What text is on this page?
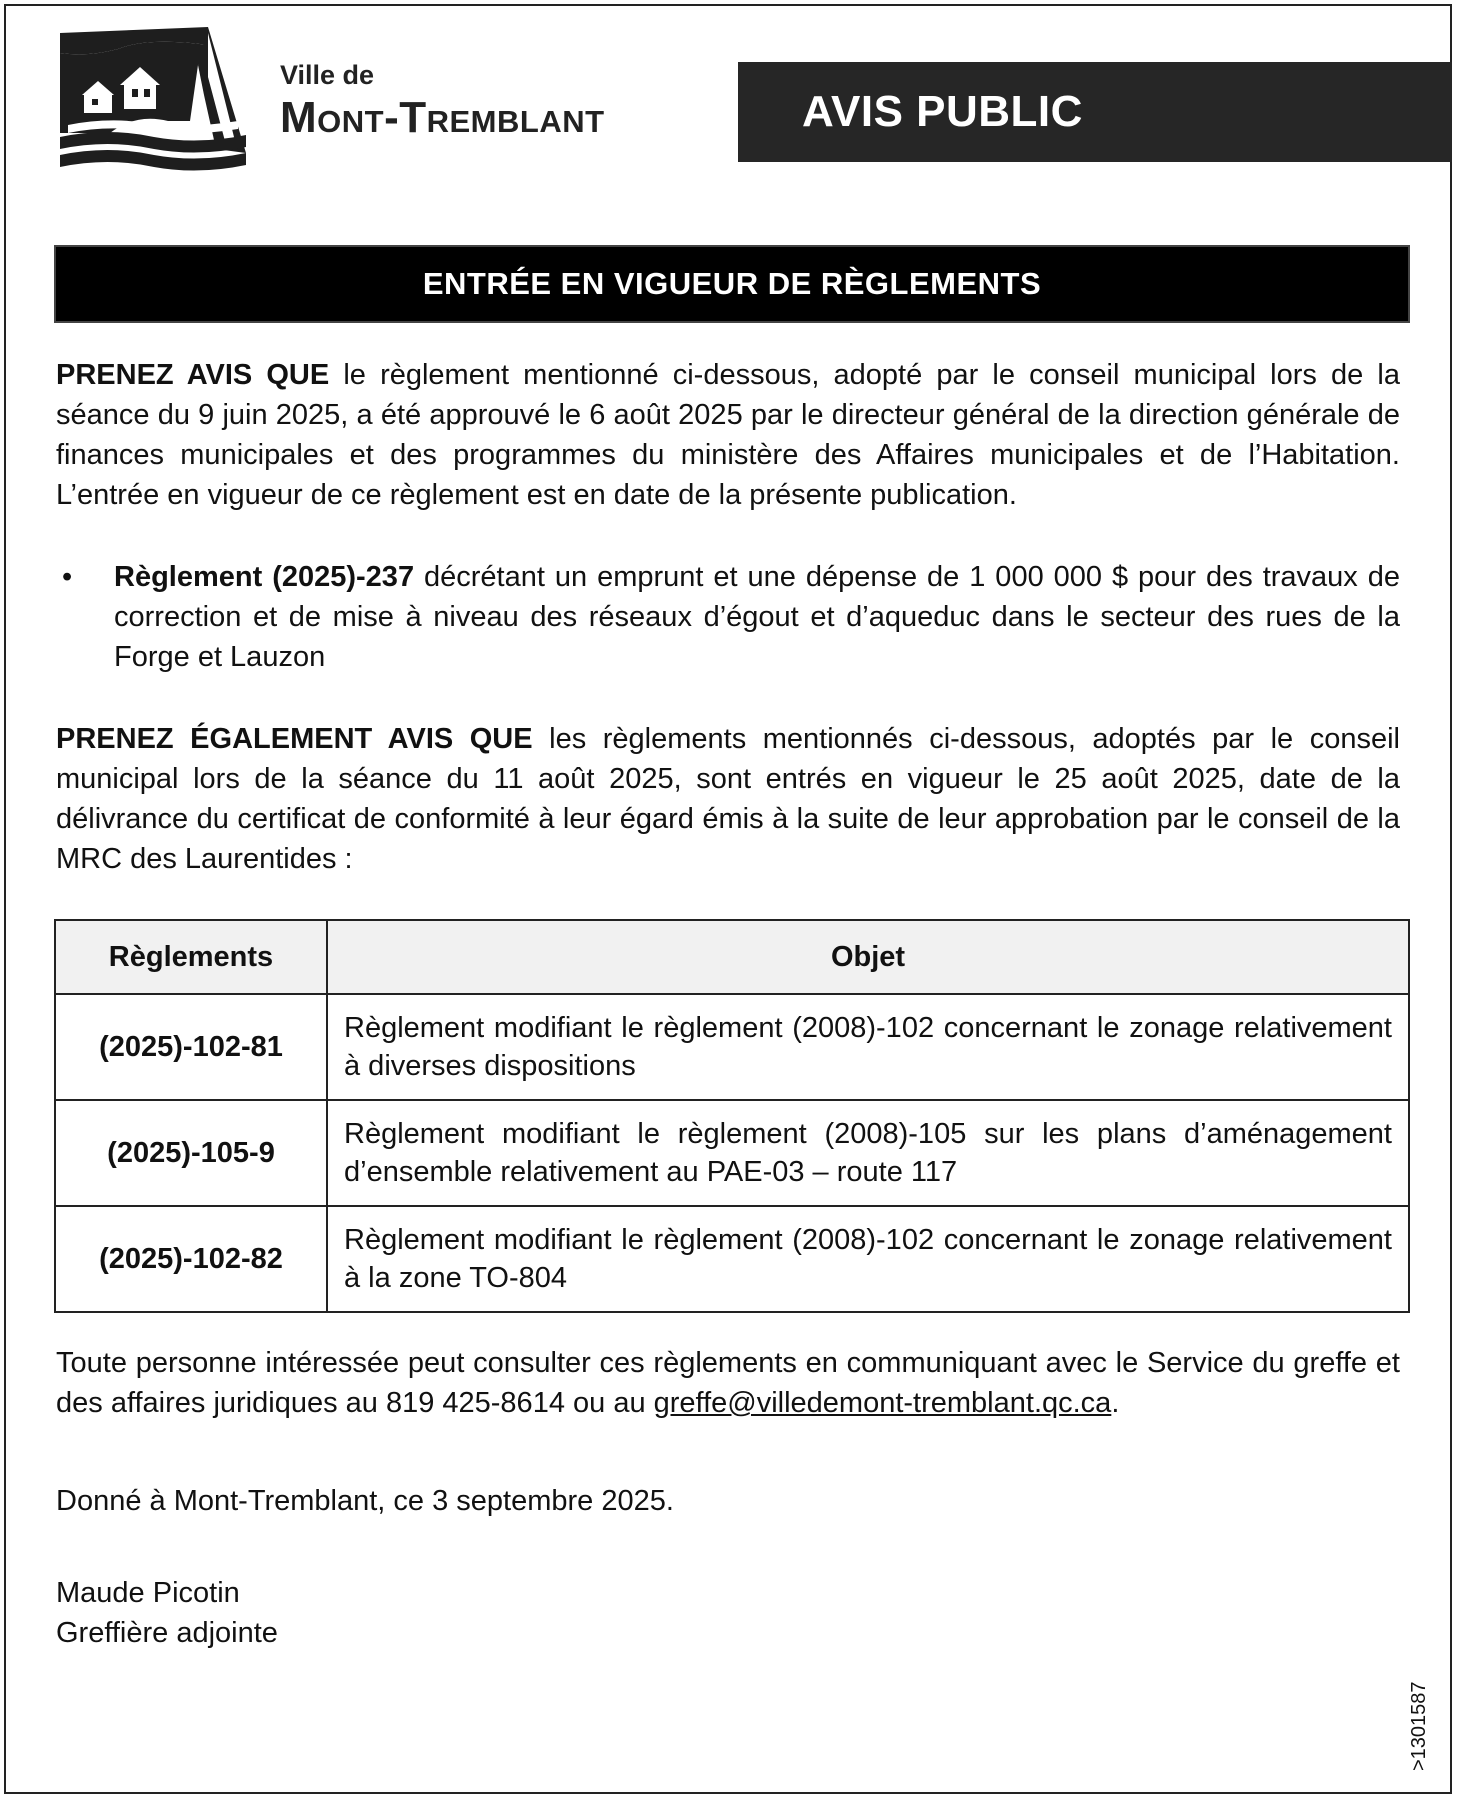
Ville de
Mont-Tremblant	AVIS PUBLIC
ENTRÉE EN VIGUEUR DE RÈGLEMENTS

PRENEZ AVIS QUE le règlement mentionné ci-dessous, adopté par le conseil municipal lors de la séance du 9 juin 2025, a été approuvé le 6 août 2025 par le directeur général de la direction générale de finances municipales et des programmes du ministère des Affaires municipales et de l’Habitation. L’entrée en vigueur de ce règlement est en date de la présente publication.

•	Règlement (2025)-237 décrétant un emprunt et une dépense de 1 000 000 $ pour des travaux de correction et de mise à niveau des réseaux d’égout et d’aqueduc dans le secteur des rues de la Forge et Lauzon

PRENEZ ÉGALEMENT AVIS QUE les règlements mentionnés ci-dessous, adoptés par le conseil municipal lors de la séance du 11 août 2025, sont entrés en vigueur le 25 août 2025, date de la délivrance du certificat de conformité à leur égard émis à la suite de leur approbation par le conseil de la MRC des Laurentides :

Règlements	Objet
(2025)-102-81	Règlement modifiant le règlement (2008)-102 concernant le zonage relativement à diverses dispositions
(2025)-105-9	Règlement modifiant le règlement (2008)-105 sur les plans d’aménagement d’ensemble relativement au PAE-03 – route 117
(2025)-102-82	Règlement modifiant le règlement (2008)-102 concernant le zonage relativement à la zone TO-804

Toute personne intéressée peut consulter ces règlements en communiquant avec le Service du greffe et des affaires juridiques au 819 425-8614 ou au greffe@villedemont-tremblant.qc.ca.

Donné à Mont-Tremblant, ce 3 septembre 2025.

Maude Picotin
Greffière adjointe

>1301587
